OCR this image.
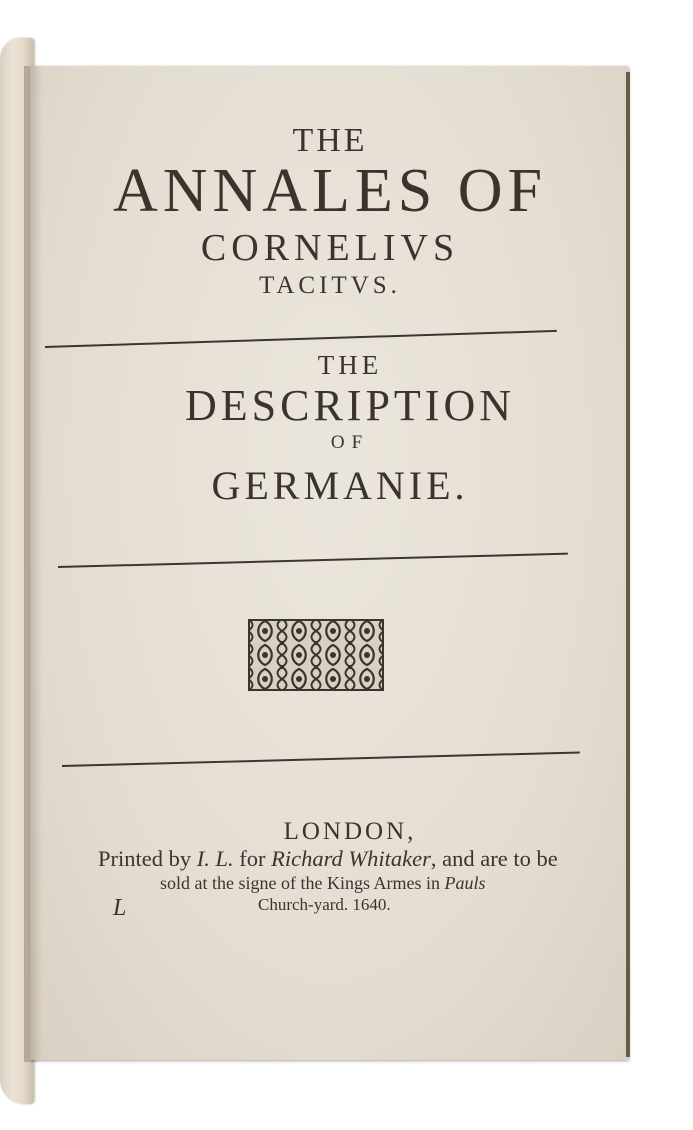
THE
ANNALES OF
CORNELIVS
TACITVS.
THE
DESCRIPTION
OF
GERMANIE.
LONDON,
Printed by I. L. for Richard Whitaker, and are to be
sold at the signe of the Kings Armes in Pauls
Church-yard. 1640.
L
